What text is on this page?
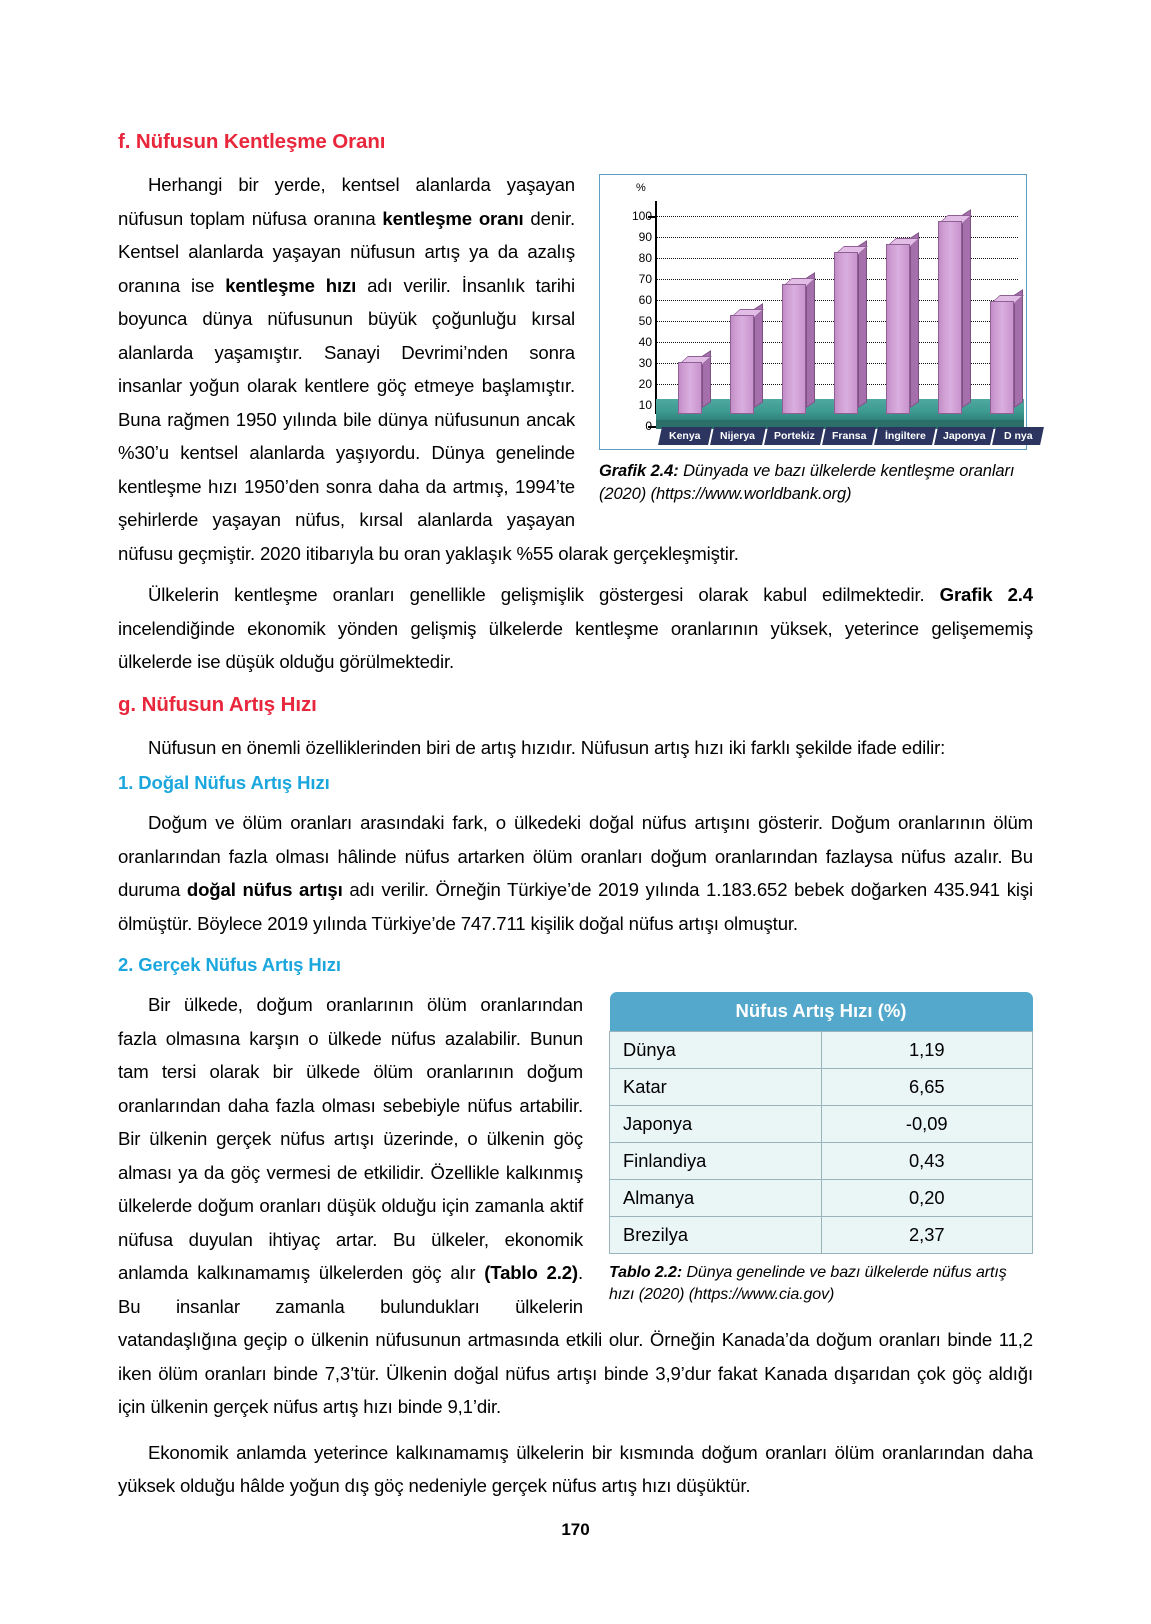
f. Nüfusun Kentleşme Oranı
%
100
90
80
70
60
50
40
30
20
10
0
Kenya	Nijerya	Portekiz	Fransa	İngiltere	Japonya	D nya
Grafik 2.4: Dünyada ve bazı ülkelerde kentleşme oranları (2020) (https://www.worldbank.org)

Herhangi bir yerde, kentsel alanlarda yaşayan nüfusun toplam nüfusa oranına kentleşme oranı denir. Kentsel alanlarda yaşayan nüfusun artış ya da azalış oranına ise kentleşme hızı adı verilir. İnsanlık tarihi boyunca dünya nüfusunun büyük çoğunluğu kırsal alanlarda yaşamıştır. Sanayi Devrimi’nden sonra insanlar yoğun olarak kentlere göç etmeye başlamıştır. Buna rağmen 1950 yılında bile dünya nüfusunun ancak %30’u kentsel alanlarda yaşıyordu. Dünya genelinde kentleşme hızı 1950’den sonra daha da artmış, 1994’te şehirlerde yaşayan nüfus, kırsal alanlarda yaşayan nüfusu geçmiştir. 2020 itibarıyla bu oran yaklaşık %55 olarak gerçekleşmiştir.

Ülkelerin kentleşme oranları genellikle gelişmişlik göstergesi olarak kabul edilmektedir. Grafik 2.4 incelendiğinde ekonomik yönden gelişmiş ülkelerde kentleşme oranlarının yüksek, yeterince gelişememiş ülkelerde ise düşük olduğu görülmektedir.

g. Nüfusun Artış Hızı

Nüfusun en önemli özelliklerinden biri de artış hızıdır. Nüfusun artış hızı iki farklı şekilde ifade edilir:

1. Doğal Nüfus Artış Hızı

Doğum ve ölüm oranları arasındaki fark, o ülkedeki doğal nüfus artışını gösterir. Doğum oranlarının ölüm oranlarından fazla olması hâlinde nüfus artarken ölüm oranları doğum oranlarından fazlaysa nüfus azalır. Bu duruma doğal nüfus artışı adı verilir. Örneğin Türkiye’de 2019 yılında 1.183.652 bebek doğarken 435.941 kişi ölmüştür. Böylece 2019 yılında Türkiye’de 747.711 kişilik doğal nüfus artışı olmuştur.

2. Gerçek Nüfus Artış Hızı
Nüfus Artış Hızı (%)	
Dünya	1,19
Katar	6,65
Japonya	-0,09
Finlandiya	0,43
Almanya	0,20
Brezilya	2,37
Tablo 2.2: Dünya genelinde ve bazı ülkelerde nüfus artış hızı (2020) (https://www.cia.gov)

Bir ülkede, doğum oranlarının ölüm oranlarından fazla olmasına karşın o ülkede nüfus azalabilir. Bunun tam tersi olarak bir ülkede ölüm oranlarının doğum oranlarından daha fazla olması sebebiyle nüfus artabilir. Bir ülkenin gerçek nüfus artışı üzerinde, o ülkenin göç alması ya da göç vermesi de etkilidir. Özellikle kalkınmış ülkelerde doğum oranları düşük olduğu için zamanla aktif nüfusa duyulan ihtiyaç artar. Bu ülkeler, ekonomik anlamda kalkınamamış ülkelerden göç alır (Tablo 2.2). Bu insanlar zamanla bulundukları ülkelerin vatandaşlığına geçip o ülkenin nüfusunun artmasında etkili olur. Örneğin Kanada’da doğum oranları binde 11,2 iken ölüm oranları binde 7,3’tür. Ülkenin doğal nüfus artışı binde 3,9’dur fakat Kanada dışarıdan çok göç aldığı için ülkenin gerçek nüfus artış hızı binde 9,1’dir.

Ekonomik anlamda yeterince kalkınamamış ülkelerin bir kısmında doğum oranları ölüm oranlarından daha yüksek olduğu hâlde yoğun dış göç nedeniyle gerçek nüfus artış hızı düşüktür.

170
